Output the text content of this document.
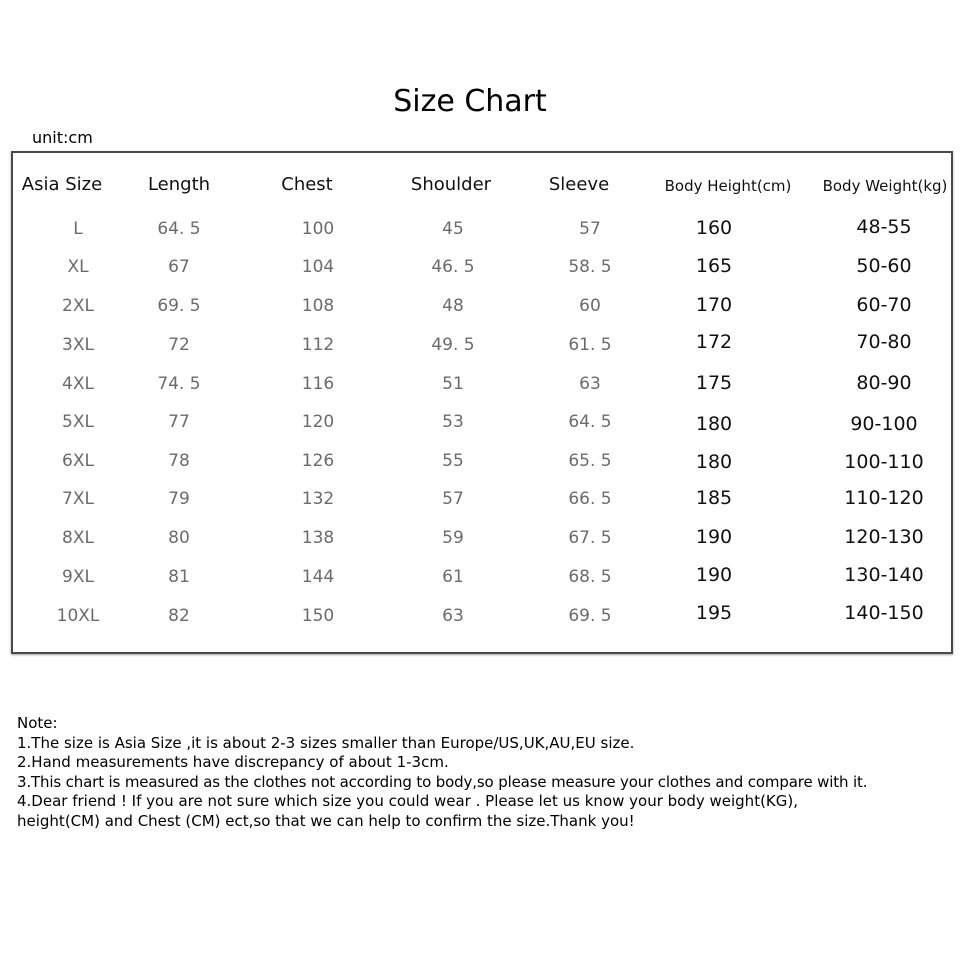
Size Chart
unit:cm
Asia Size	Length	Chest	Shoulder	Sleeve	Body Height(cm) Body Weight(kg)
L	64. 5	100	45	57	160	48-55
XL	67	104	46. 5	58. 5	165	50-60
2XL	69. 5	108	48	60	170	60-70
3XL	72	112	49. 5	61. 5	172	70-80
4XL	74. 5	116	51	63	175	80-90
5XL	77	120	53	64. 5	180	90-100
6XL	78	126	55	65. 5	180	100-110
7XL	79	132	57	66. 5	185	110-120
8XL	80	138	59	67. 5	190	120-130
9XL	81	144	61	68. 5	190	130-140
10XL	82	150	63	69. 5	195	140-150
Note:
1.The size is Asia Size ,it is about 2-3 sizes smaller than Europe/US,UK,AU,EU size.
2.Hand measurements have discrepancy of about 1-3cm.
3.This chart is measured as the clothes not according to body,so please measure your clothes and compare with it.
4.Dear friend ! If you are not sure which size you could wear . Please let us know your body weight(KG),
height(CM) and Chest (CM) ect,so that we can help to confirm the size.Thank you!
